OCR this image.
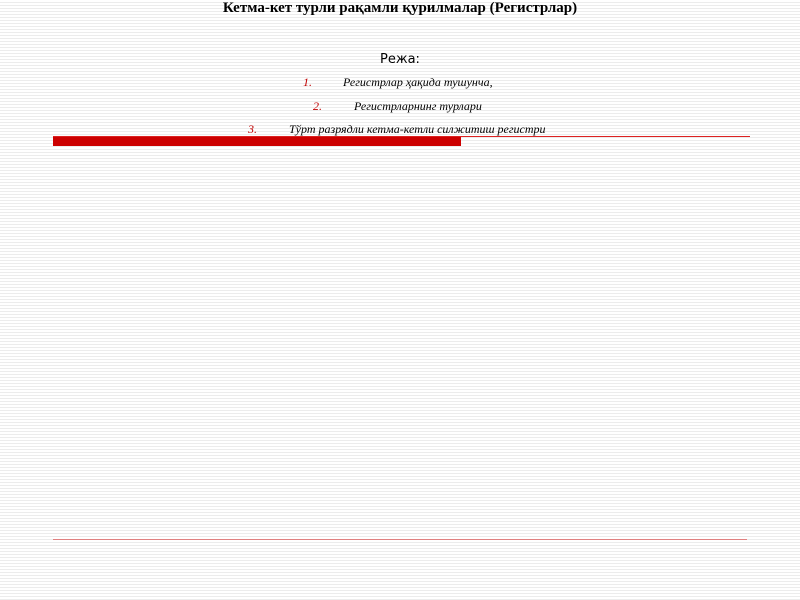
Кетма-кет турли рақамли қурилмалар (Регистрлар)
Режа:
1.	Регистрлар ҳақида тушунча,
2.	Регистрларнинг турлари
3.	Тўрт разрядли кетма-кетли силжитиш регистри
